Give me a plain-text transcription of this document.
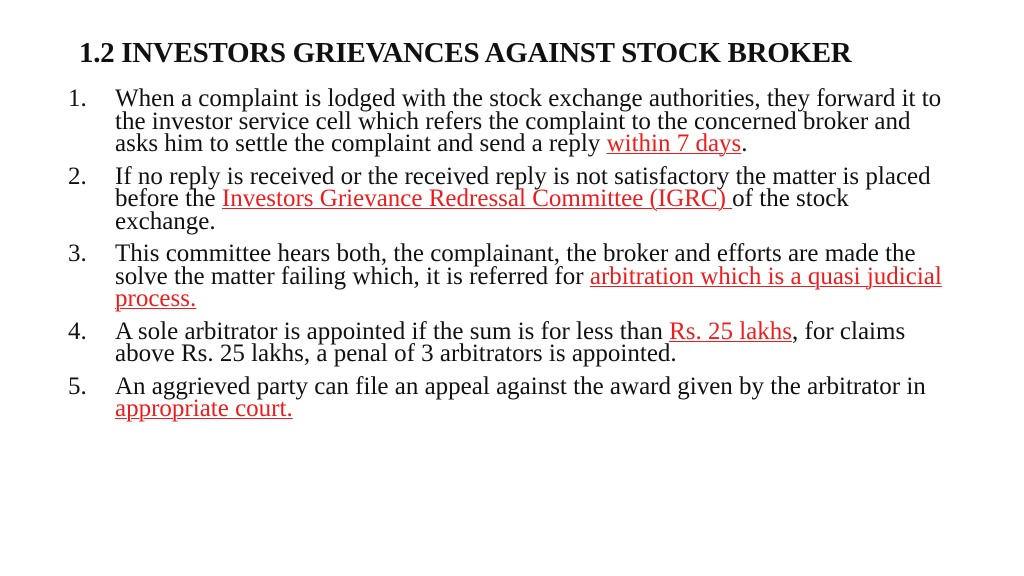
1.2 INVESTORS GRIEVANCES AGAINST STOCK BROKER
1. When a complaint is lodged with the stock exchange authorities, they forward it to the investor service cell which refers the complaint to the concerned broker and asks him to settle the complaint and send a reply within 7 days.
2. If no reply is received or the received reply is not satisfactory the matter is placed before the Investors Grievance Redressal Committee (IGRC) of the stock exchange.
3. This committee hears both, the complainant, the broker and efforts are made the solve the matter failing which, it is referred for arbitration which is a quasi judicial process.
4. A sole arbitrator is appointed if the sum is for less than Rs. 25 lakhs, for claims above Rs. 25 lakhs, a penal of 3 arbitrators is appointed.
5. An aggrieved party can file an appeal against the award given by the arbitrator in appropriate court.
